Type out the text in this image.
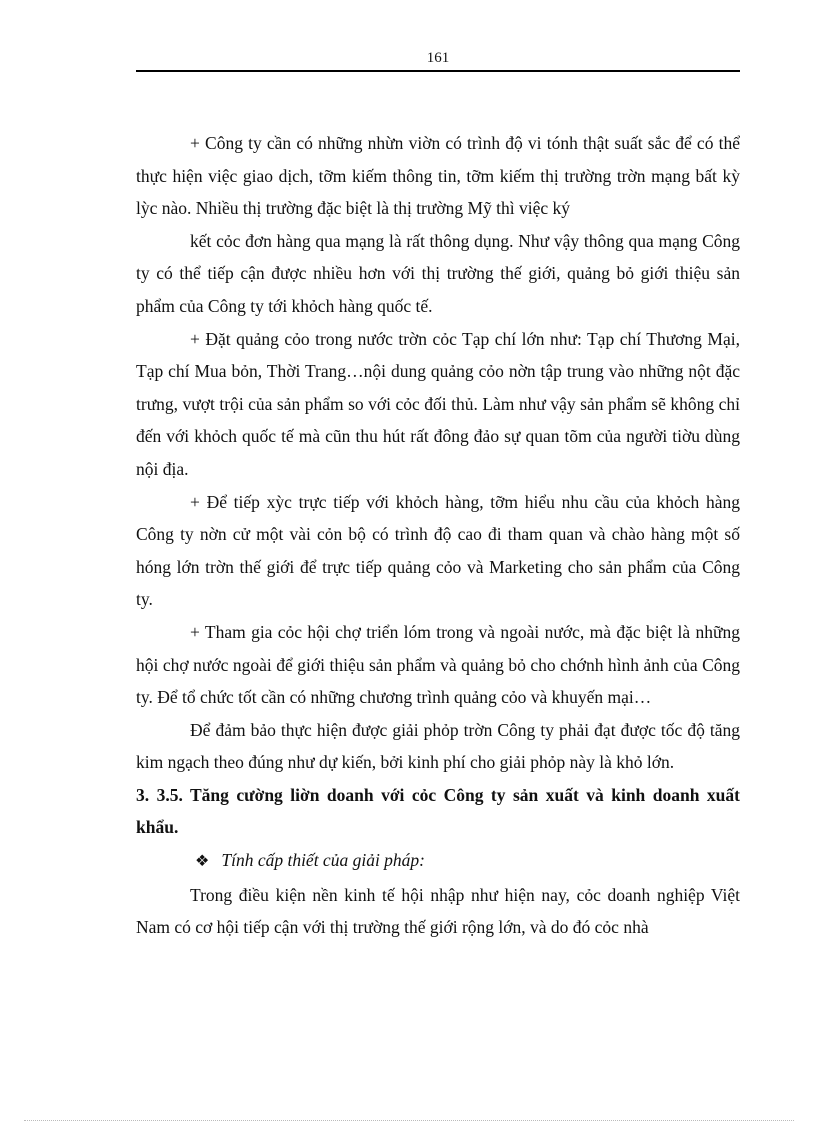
161

+ Công ty cần có những nhừn viờn có trình độ vi tónh thật suất sắc để có thể thực hiện việc giao dịch, tỡm kiếm thông tin, tỡm kiếm thị trường trờn mạng bất kỳ lỳc nào. Nhiều thị trường đặc biệt là thị trường Mỹ thì việc ký

kết cỏc đơn hàng qua mạng là rất thông dụng. Như vậy thông qua mạng Công ty có thể tiếp cận được nhiều hơn với thị trường thế giới, quảng bỏ giới thiệu sản phẩm của Công ty tới khỏch hàng quốc tế.

+ Đặt quảng cỏo trong nước trờn cỏc Tạp chí lớn như: Tạp chí Thương Mại, Tạp chí Mua bỏn, Thời Trang…nội dung quảng cỏo nờn tập trung vào những nột đặc trưng, vượt trội của sản phẩm so với cỏc đối thủ. Làm như vậy sản phẩm sẽ không chỉ đến với khỏch quốc tế mà cũn thu hút rất đông đảo sự quan tõm của người tiờu dùng nội địa.

+ Để tiếp xỳc trực tiếp với khỏch hàng, tỡm hiểu nhu cầu của khỏch hàng Công ty nờn cử một vài cỏn bộ có trình độ cao đi tham quan và chào hàng một số hóng lớn trờn thế giới để trực tiếp quảng cỏo và Marketing cho sản phẩm của Công ty.

+ Tham gia cỏc hội chợ triển lóm trong và ngoài nước, mà đặc biệt là những hội chợ nước ngoài để giới thiệu sản phẩm và quảng bỏ cho chớnh hình ảnh của Công ty. Để tổ chức tốt cần có những chương trình quảng cỏo và khuyến mại…

Để đảm bảo thực hiện được giải phỏp trờn Công ty phải đạt được tốc độ tăng kim ngạch theo đúng như dự kiến, bởi kinh phí cho giải phỏp này là khỏ lớn.

3. 3.5. Tăng cường liờn doanh với cỏc Công ty sản xuất và kinh doanh xuất khẩu.

❖ Tính cấp thiết của giải pháp:

Trong điều kiện nền kinh tế hội nhập như hiện nay, cỏc doanh nghiệp Việt Nam có cơ hội tiếp cận với thị trường thế giới rộng lớn, và do đó cỏc nhà
